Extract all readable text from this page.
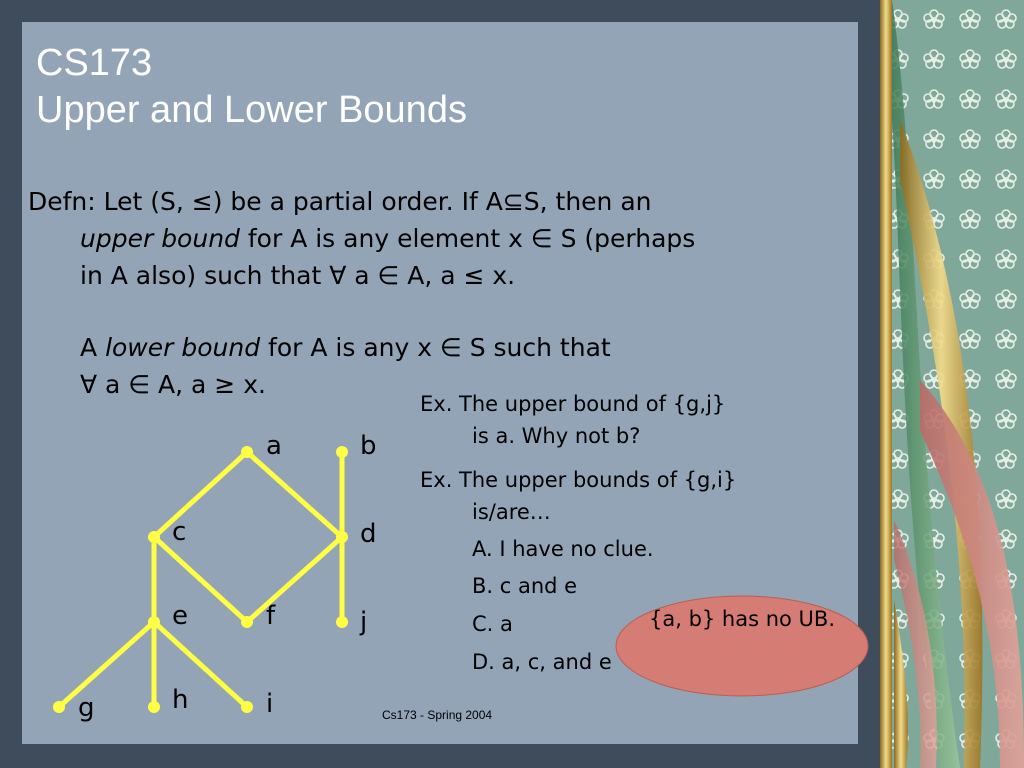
CS173
Upper and Lower Bounds
Defn: Let (S, ≤) be a partial order. If A⊆S, then an
upper bound for A is any element x ∈ S (perhaps
in A also) such that ∀ a ∈ A, a ≤ x.
A lower bound for A is any x ∈ S such that
∀ a ∈ A, a ≥ x.
Ex. The upper bound of {g,j}
is a. Why not b?
Ex. The upper bounds of {g,i}
is/are…
A. I have no clue.
B. c and e
C. a
D. a, c, and e
a	b
c	d
e	f	j
g	h	i
{a, b} has no UB.
Cs173 - Spring 2004
